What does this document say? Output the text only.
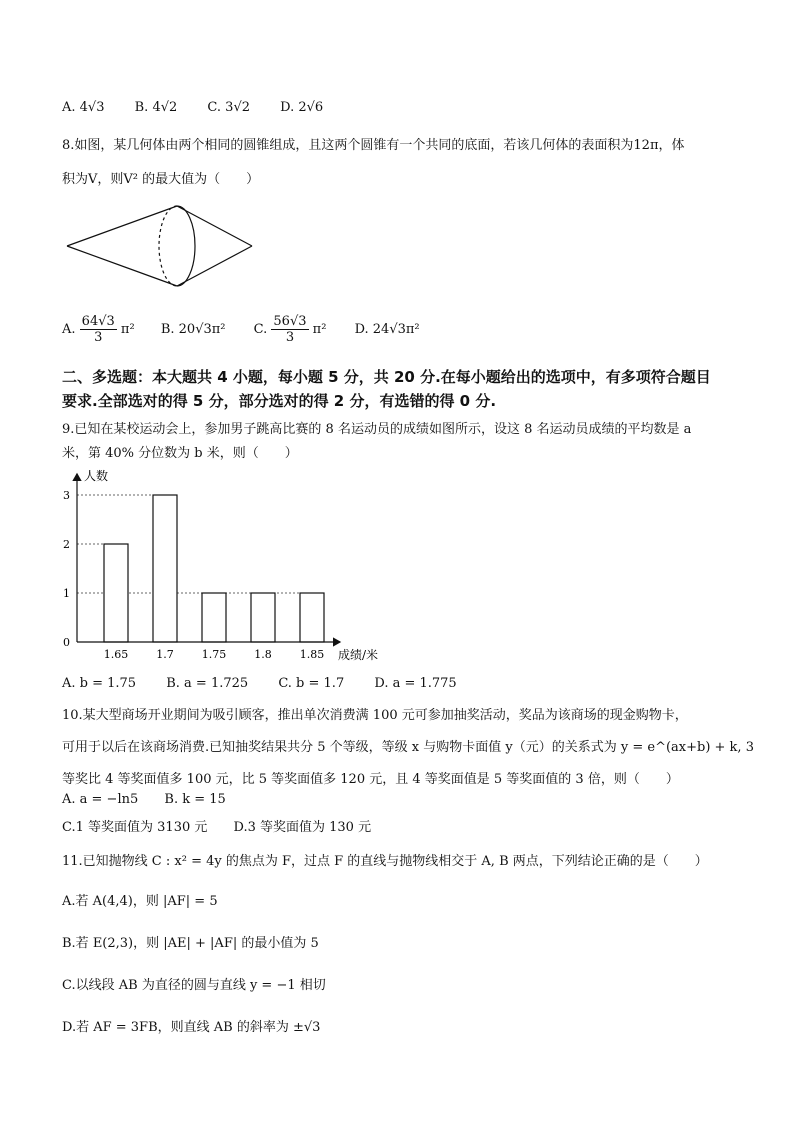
A. 4√3 B. 4√2 C. 3√2 D. 2√6
8.如图，某几何体由两个相同的圆锥组成，且这两个圆锥有一个共同的底面，若该几何体的表面积为12π，体
积为V，则V² 的最大值为（　　）
A. $\frac{64√3}{3} \pi^2$ B. 20√3π² C. $\frac{56√3}{3} \pi^2$ D. 24√3π²
二、多选题：本大题共 4 小题，每小题 5 分，共 20 分.在每小题给出的选项中，有多项符合题目
要求.全部选对的得 5 分，部分选对的得 2 分，有选错的得 0 分.
9.已知在某校运动会上，参加男子跳高比赛的 8 名运动员的成绩如图所示，设这 8 名运动员成绩的平均数是 a
米，第 40% 分位数为 b 米，则（　　）
人数
成绩/米
0
1
2
3
1.65	1.7	1.75	1.8	1.85
A. b = 1.75 B. a = 1.725 C. b = 1.7 D. a = 1.775
10.某大型商场开业期间为吸引顾客，推出单次消费满 100 元可参加抽奖活动，奖品为该商场的现金购物卡，
可用于以后在该商场消费.已知抽奖结果共分 5 个等级，等级 x 与购物卡面值 y（元）的关系式为 y = e^(ax+b) + k, 3
等奖比 4 等奖面值多 100 元，比 5 等奖面值多 120 元，且 4 等奖面值是 5 等奖面值的 3 倍，则（　　）
A. a = −ln5 B. k = 15
C.1 等奖面值为 3130 元 D.3 等奖面值为 130 元
11.已知抛物线 C : x² = 4y 的焦点为 F，过点 F 的直线与抛物线相交于 A, B 两点，下列结论正确的是（　　）
A.若 A(4,4)，则 |AF| = 5
B.若 E(2,3)，则 |AE| + |AF| 的最小值为 5
C.以线段 AB 为直径的圆与直线 y = −1 相切
D.若 AF = 3FB，则直线 AB 的斜率为 ±√3
